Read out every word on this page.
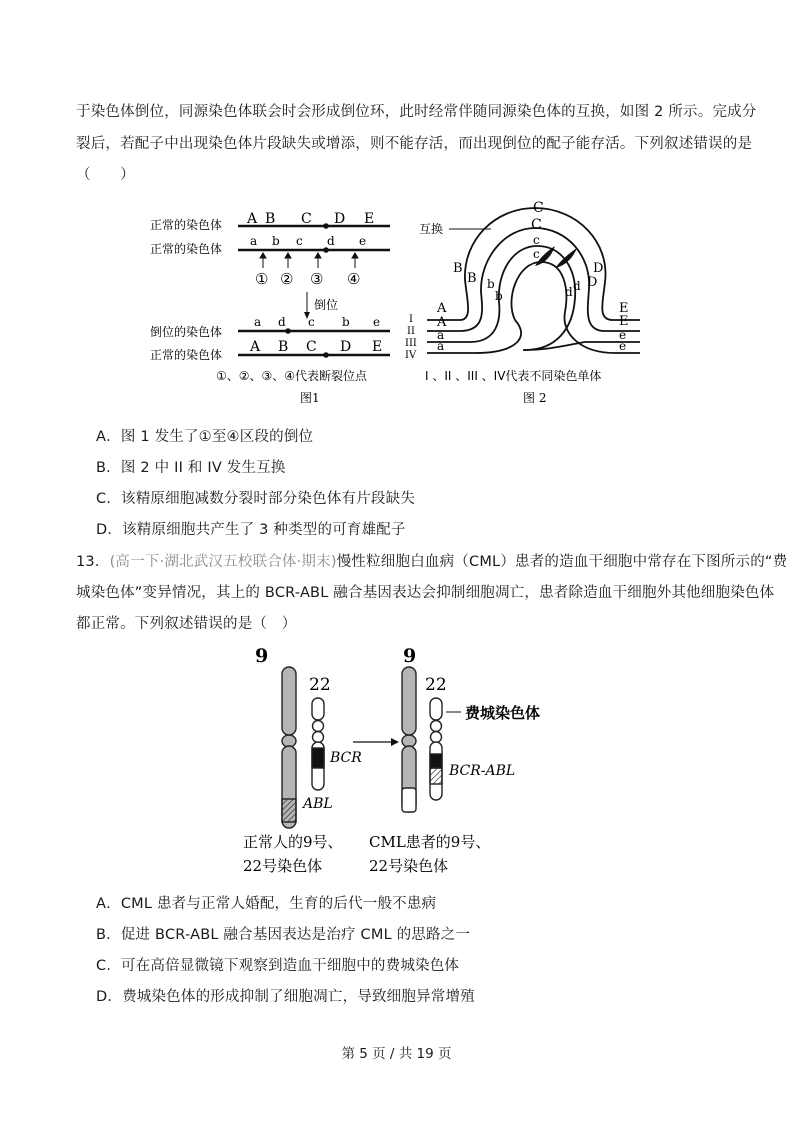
于染色体倒位，同源染色体联会时会形成倒位环，此时经常伴随同源染色体的互换，如图 2 所示。完成分
裂后，若配子中出现染色体片段缺失或增添，则不能存活，而出现倒位的配子能存活。下列叙述错误的是
（　　）
正常的染色体 A B C D E
正常的染色体
a b c d e
① ② ③ ④
倒位
倒位的染色体
a d c b e
正常的染色体 A B C D E
①、②、③、④代表断裂位点
图1
互换
C
C
c
c
B
B b
b
D
D
d
d
A
A
a
a
E
E
e
e
I
II
III
IV
I 、II 、III 、IV代表不同染色单体
图 2
A．图 1 发生了①至④区段的倒位
B．图 2 中 II 和 IV 发生互换
C．该精原细胞减数分裂时部分染色体有片段缺失
D．该精原细胞共产生了 3 种类型的可育雄配子
13．(高一下·湖北武汉五校联合体·期末)慢性粒细胞白血病（CML）患者的造血干细胞中常存在下图所示的“费
城染色体”变异情况，其上的 BCR-ABL 融合基因表达会抑制细胞凋亡，患者除造血干细胞外其他细胞染色体
都正常。下列叙述错误的是（　）
9
22
BCR
ABL
9
22
费城染色体
BCR-ABL
正常人的9号、
22号染色体
CML患者的9号、
22号染色体
A．CML 患者与正常人婚配，生育的后代一般不患病
B．促进 BCR-ABL 融合基因表达是治疗 CML 的思路之一
C．可在高倍显微镜下观察到造血干细胞中的费城染色体
D．费城染色体的形成抑制了细胞凋亡，导致细胞异常增殖
第 5 页 / 共 19 页
